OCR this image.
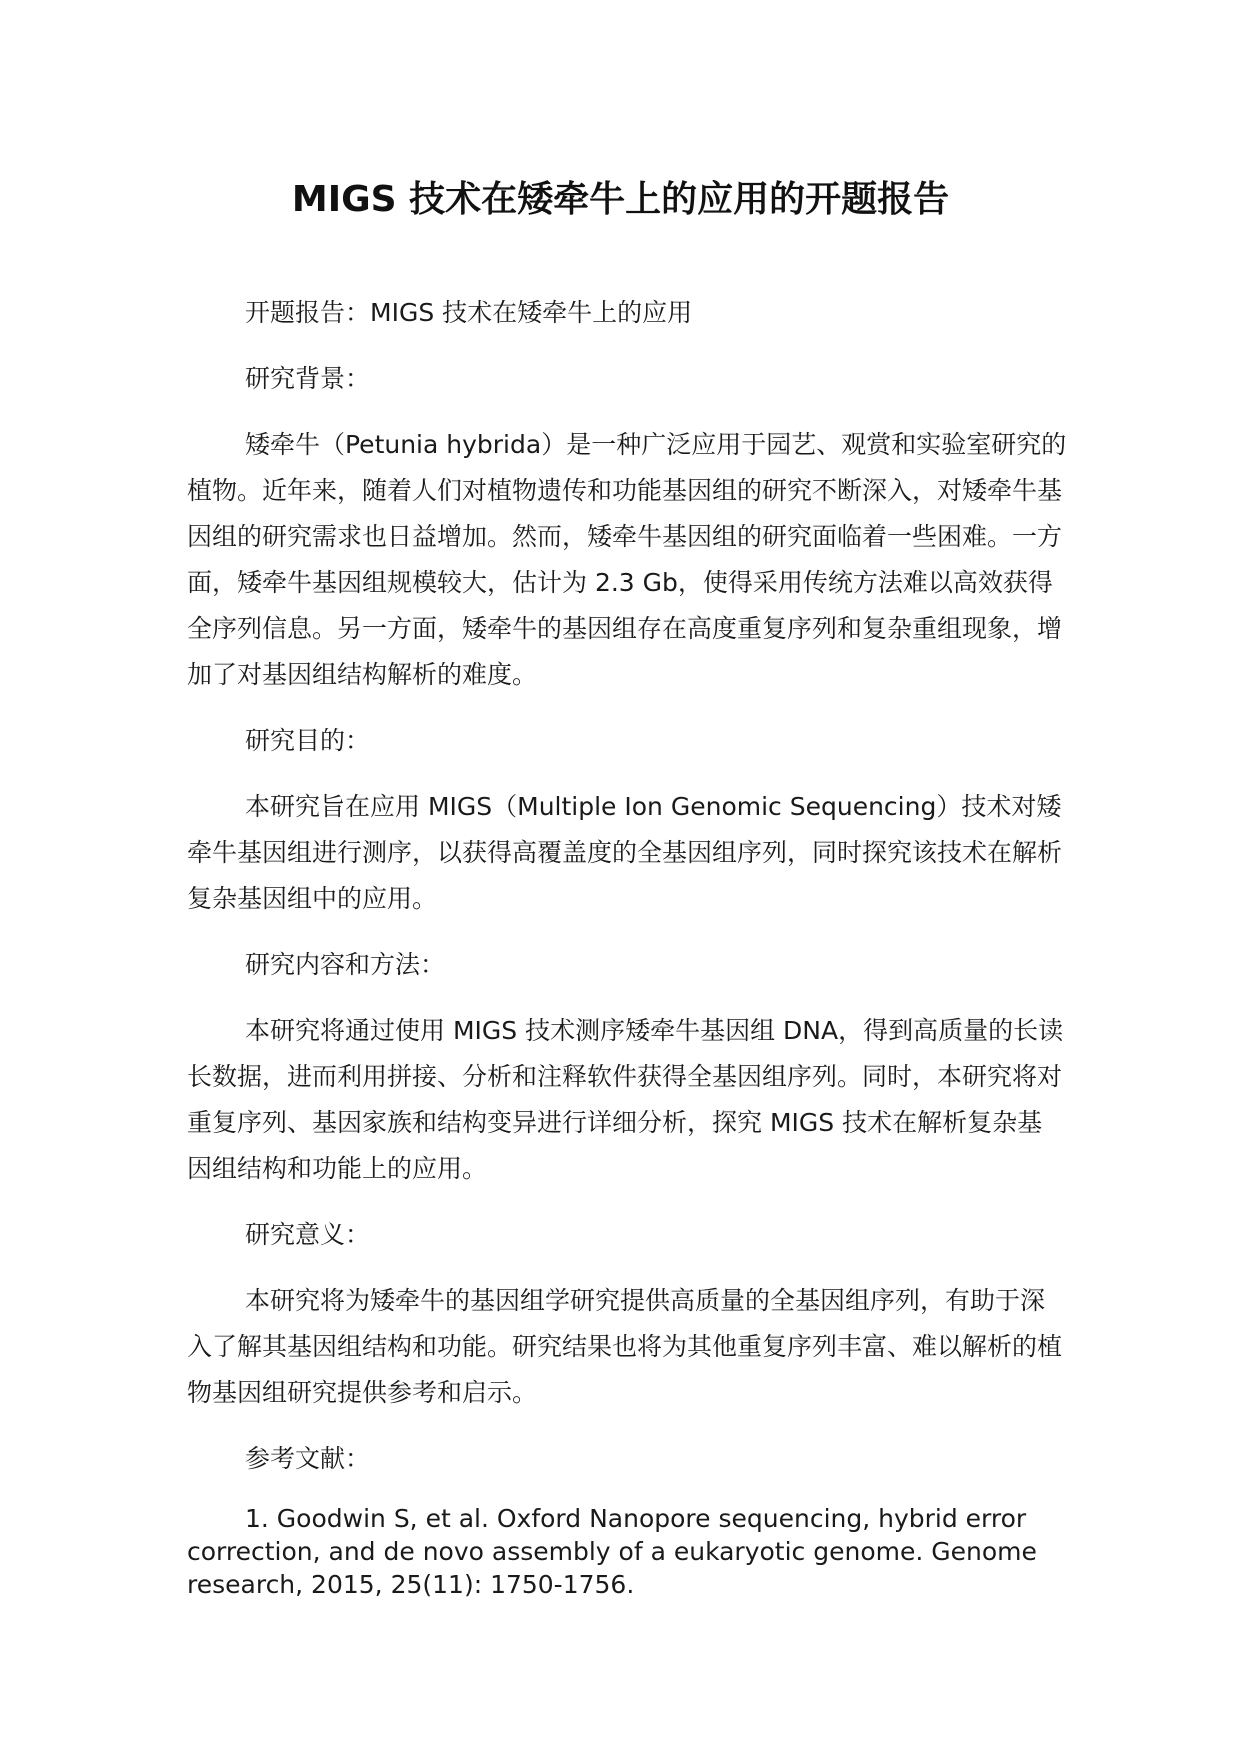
MIGS 技术在矮牵牛上的应用的开题报告

开题报告：MIGS 技术在矮牵牛上的应用

研究背景：

矮牵牛（Petunia hybrida）是一种广泛应用于园艺、观赏和实验室研究的植物。近年来，随着人们对植物遗传和功能基因组的研究不断深入，对矮牵牛基因组的研究需求也日益增加。然而，矮牵牛基因组的研究面临着一些困难。一方面，矮牵牛基因组规模较大，估计为 2.3 Gb，使得采用传统方法难以高效获得全序列信息。另一方面，矮牵牛的基因组存在高度重复序列和复杂重组现象，增加了对基因组结构解析的难度。

研究目的：

本研究旨在应用 MIGS（Multiple Ion Genomic Sequencing）技术对矮牵牛基因组进行测序，以获得高覆盖度的全基因组序列，同时探究该技术在解析复杂基因组中的应用。

研究内容和方法：

本研究将通过使用 MIGS 技术测序矮牵牛基因组 DNA，得到高质量的长读长数据，进而利用拼接、分析和注释软件获得全基因组序列。同时，本研究将对重复序列、基因家族和结构变异进行详细分析，探究 MIGS 技术在解析复杂基因组结构和功能上的应用。

研究意义：

本研究将为矮牵牛的基因组学研究提供高质量的全基因组序列，有助于深入了解其基因组结构和功能。研究结果也将为其他重复序列丰富、难以解析的植物基因组研究提供参考和启示。

参考文献：

1. Goodwin S, et al. Oxford Nanopore sequencing, hybrid error correction, and de novo assembly of a eukaryotic genome. Genome research, 2015, 25(11): 1750-1756.
